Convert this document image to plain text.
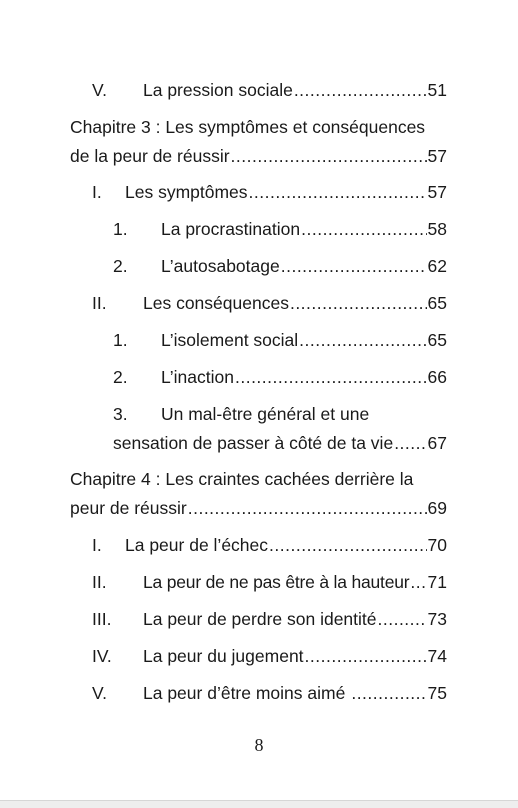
V.	La pression sociale .....	51
Chapitre 3 : Les symptômes et conséquences
de la peur de réussir .....	57
I.	Les symptômes .....	57
1.	La procrastination .....	58
2.	L’autosabotage .....	62
II.	Les conséquences .....	65
1.	L’isolement social .....	65
2.	L’inaction .....	66
3.	Un mal-être général et une
sensation de passer à côté de ta vie ..... 67
Chapitre 4 : Les craintes cachées derrière la
peur de réussir .....	69
I.	La peur de l’échec .....	70
II.	La peur de ne pas être à la hauteur ..... 71
III.	La peur de perdre son identité .....	73
IV.	La peur du jugement .....	74
V.	La peur d’être moins aimé .....	75
8
